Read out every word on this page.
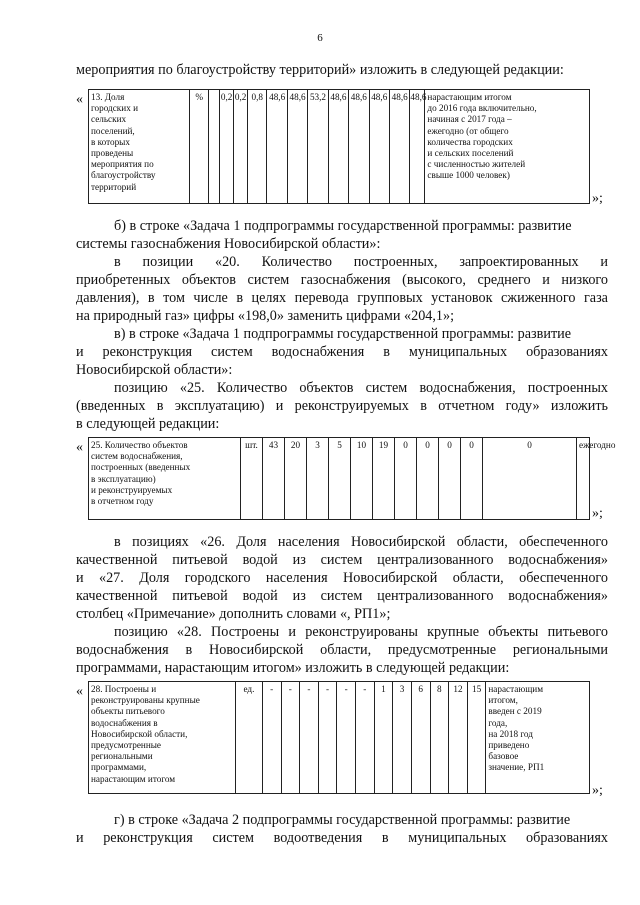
6
мероприятия по благоустройству территорий» изложить в следующей редакции:
« 13. Доля
городских и
сельских
поселений,
в которых
проведены
мероприятия по
благоустройству
территорий	%		0,2	0,2	0,8	48,6	48,6	53,2	48,6	48,6	48,6	48,6	48,6	нарастающим итогом
до 2016 года включительно,
начиная с 2017 года –
ежегодно (от общего
количества городских
и сельских поселений
с численностью жителей
свыше 1000 человек)
»;
б) в строке «Задача 1 подпрограммы государственной программы: развитие
системы газоснабжения Новосибирской области»:
в позиции «20. Количество построенных, запроектированных и
приобретенных объектов систем газоснабжения (высокого, среднего и низкого
давления), в том числе в целях перевода групповых установок сжиженного газа
на природный газ» цифры «198,0» заменить цифрами «204,1»;
в) в строке «Задача 1 подпрограммы государственной программы: развитие
и реконструкция систем водоснабжения в муниципальных образованиях
Новосибирской области»:
позицию «25. Количество объектов систем водоснабжения, построенных
(введенных в эксплуатацию) и реконструируемых в отчетном году» изложить
в следующей редакции:
« 25. Количество объектов
систем водоснабжения,
построенных (введенных
в эксплуатацию)
и реконструируемых
в отчетном году	шт.	43	20	3	5	10	19	0	0	0	0	0	ежегодно
»;
в позициях «26. Доля населения Новосибирской области, обеспеченного
качественной питьевой водой из систем централизованного водоснабжения»
и «27. Доля городского населения Новосибирской области, обеспеченного
качественной питьевой водой из систем централизованного водоснабжения»
столбец «Примечание» дополнить словами «, РП1»;
позицию «28. Построены и реконструированы крупные объекты питьевого
водоснабжения в Новосибирской области, предусмотренные региональными
программами, нарастающим итогом» изложить в следующей редакции:
« 28. Построены и
реконструированы крупные
объекты питьевого
водоснабжения в
Новосибирской области,
предусмотренные
региональными
программами,
нарастающим итогом	ед.	-	-	-	-	-	-	1	3	6	8	12	15	нарастающим
итогом,
введен с 2019
года,
на 2018 год
приведено
базовое
значение, РП1
»;
г) в строке «Задача 2 подпрограммы государственной программы: развитие
и реконструкция систем водоотведения в муниципальных образованиях
